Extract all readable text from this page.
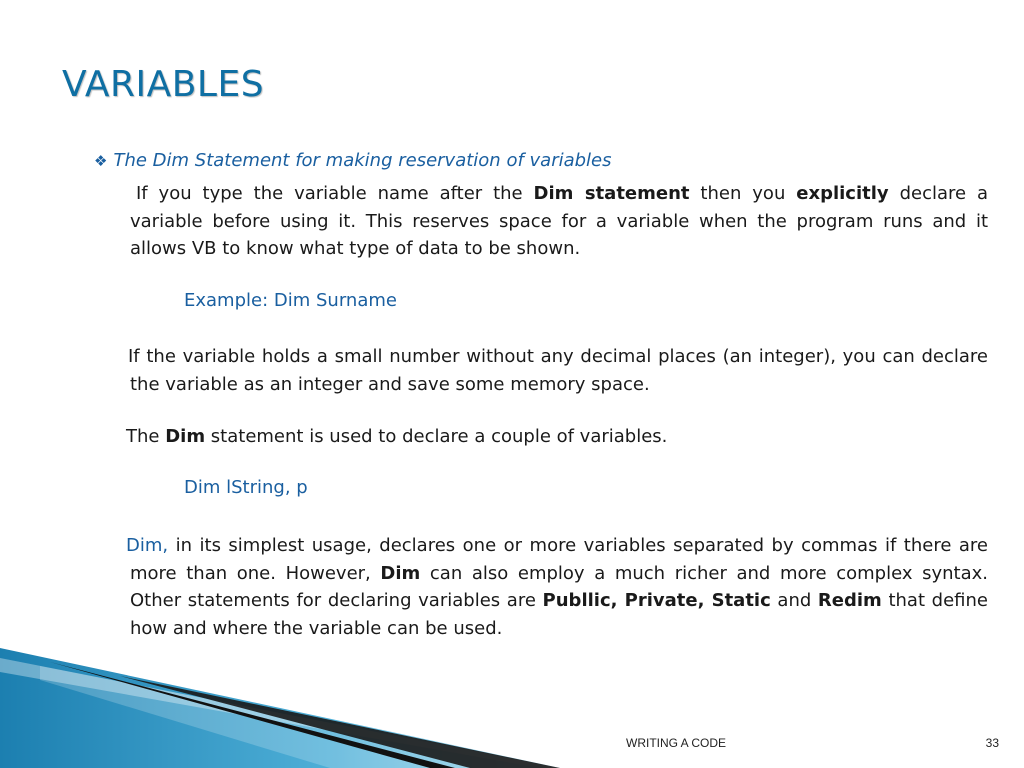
VARIABLES
❖ The Dim Statement for making reservation of variables
If you type the variable name after the Dim statement then you explicitly declare a variable before using it. This reserves space for a variable when the program runs and it allows VB to know what type of data to be shown.
Example: Dim Surname
If the variable holds a small number without any decimal places (an integer), you can declare the variable as an integer and save some memory space.
The Dim statement is used to declare a couple of variables.
Dim lString, p
Dim, in its simplest usage, declares one or more variables separated by commas if there are more than one. However, Dim can also employ a much richer and more complex syntax. Other statements for declaring variables are Publlic, Private, Static and Redim that define how and where the variable can be used.
WRITING A CODE	33
